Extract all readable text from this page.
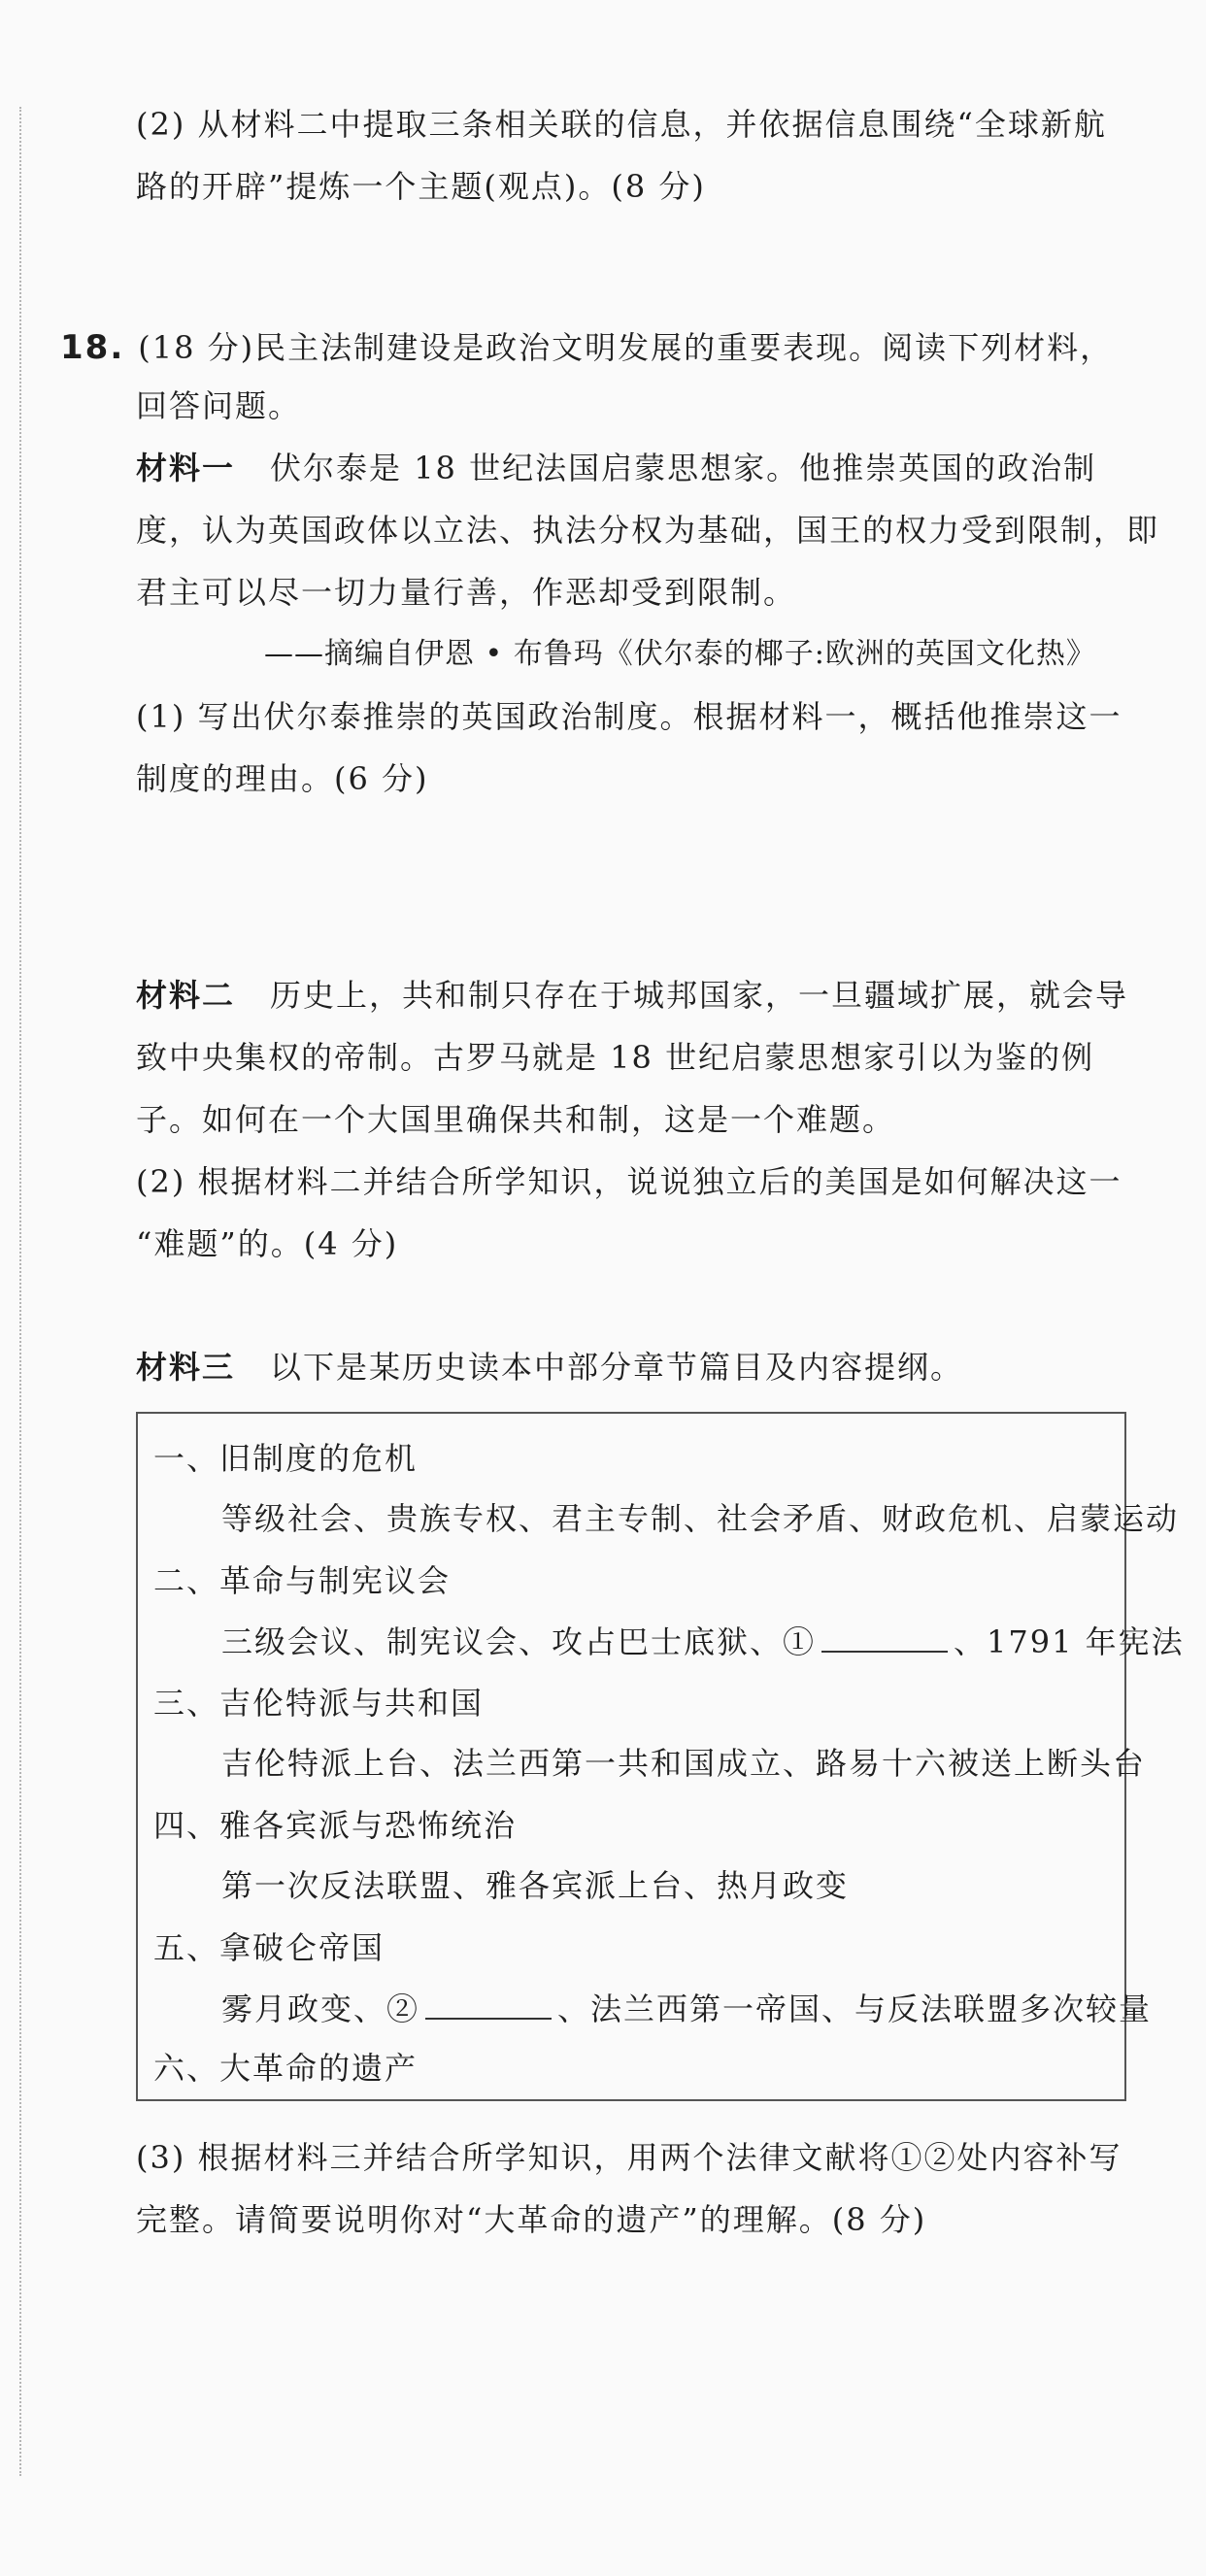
(2) 从材料二中提取三条相关联的信息，并依据信息围绕“全球新航
路的开辟”提炼一个主题(观点)。(8 分)
18. (18 分)民主法制建设是政治文明发展的重要表现。阅读下列材料，
回答问题。
材料一 伏尔泰是 18 世纪法国启蒙思想家。他推崇英国的政治制
度，认为英国政体以立法、执法分权为基础，国王的权力受到限制，即
君主可以尽一切力量行善，作恶却受到限制。
——摘编自伊恩 • 布鲁玛《伏尔泰的椰子:欧洲的英国文化热》
(1) 写出伏尔泰推崇的英国政治制度。根据材料一，概括他推崇这一
制度的理由。(6 分)
材料二 历史上，共和制只存在于城邦国家，一旦疆域扩展，就会导
致中央集权的帝制。古罗马就是 18 世纪启蒙思想家引以为鉴的例
子。如何在一个大国里确保共和制，这是一个难题。
(2) 根据材料二并结合所学知识，说说独立后的美国是如何解决这一
“难题”的。(4 分)
材料三 以下是某历史读本中部分章节篇目及内容提纲。
一、旧制度的危机
等级社会、贵族专权、君主专制、社会矛盾、财政危机、启蒙运动
二、革命与制宪议会
三级会议、制宪议会、攻占巴士底狱、①	、1791 年宪法
三、吉伦特派与共和国
吉伦特派上台、法兰西第一共和国成立、路易十六被送上断头台
四、雅各宾派与恐怖统治
第一次反法联盟、雅各宾派上台、热月政变
五、拿破仑帝国
雾月政变、②	、法兰西第一帝国、与反法联盟多次较量
六、大革命的遗产
(3) 根据材料三并结合所学知识，用两个法律文献将①②处内容补写
完整。请简要说明你对“大革命的遗产”的理解。(8 分)
